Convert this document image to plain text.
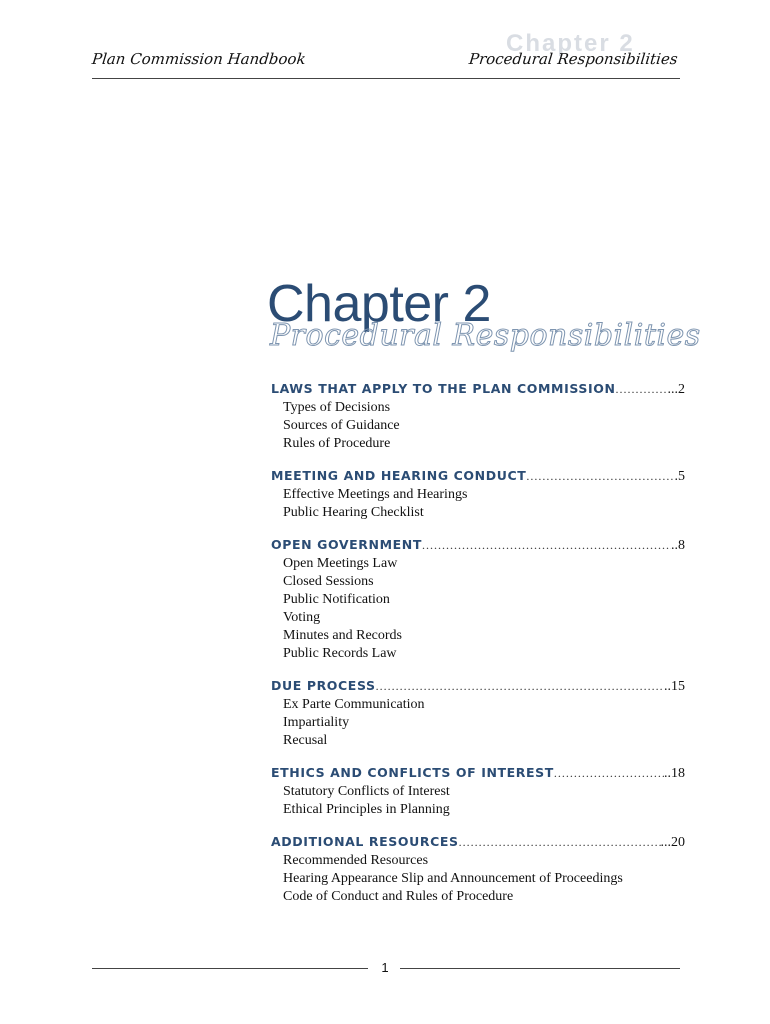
Plan Commission Handbook
Chapter 2
Procedural Responsibilities
Chapter 2
Procedural Responsibilities
LAWS THAT APPLY TO THE PLAN COMMISSION .....	...2
Types of Decisions
Sources of Guidance
Rules of Procedure
MEETING AND HEARING CONDUCT .....	.5
Effective Meetings and Hearings
Public Hearing Checklist
OPEN GOVERNMENT .....	..8
Open Meetings Law
Closed Sessions
Public Notification
Voting
Minutes and Records
Public Records Law
DUE PROCESS .....	..15
Ex Parte Communication
Impartiality
Recusal
ETHICS AND CONFLICTS OF INTEREST .....	..18
Statutory Conflicts of Interest
Ethical Principles in Planning
ADDITIONAL RESOURCES .....	...20
Recommended Resources
Hearing Appearance Slip and Announcement of Proceedings
Code of Conduct and Rules of Procedure
1
